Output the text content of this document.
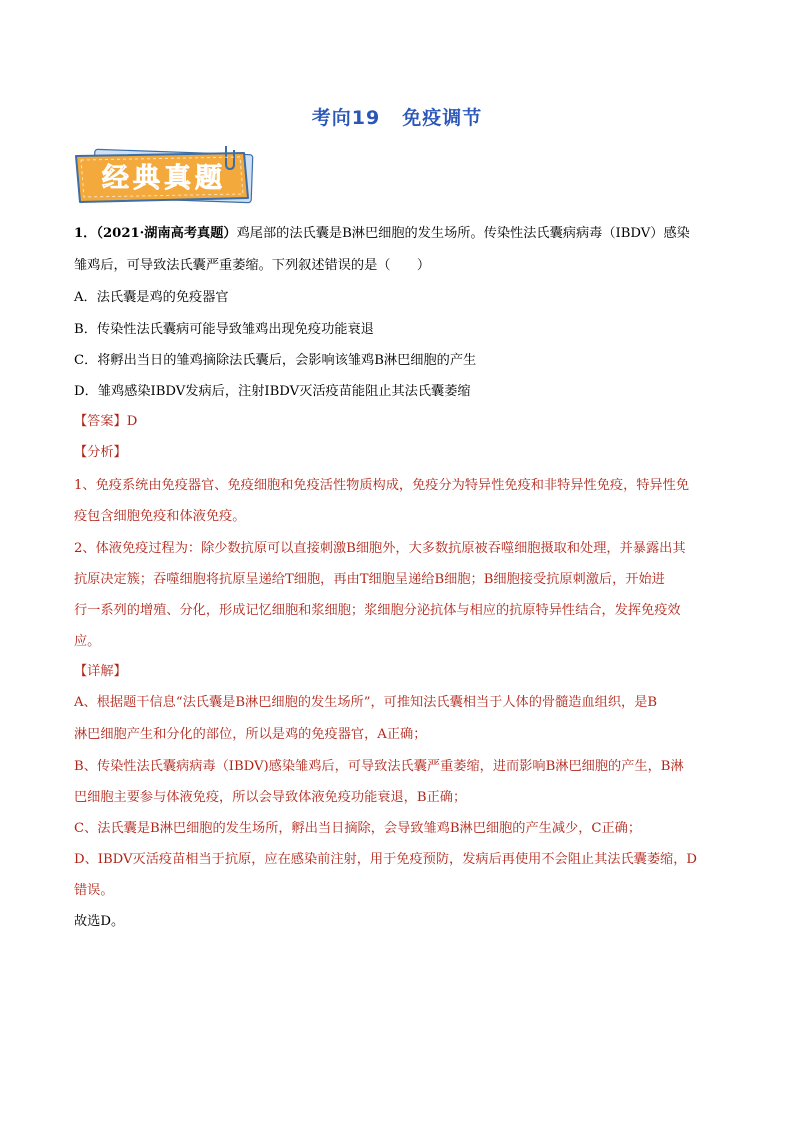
考向19 免疫调节
经典真题
1．（2021·湖南高考真题）鸡尾部的法氏囊是B淋巴细胞的发生场所。传染性法氏囊病病毒（IBDV）感染
雏鸡后，可导致法氏囊严重萎缩。下列叙述错误的是（　　）
A．法氏囊是鸡的免疫器官
B．传染性法氏囊病可能导致雏鸡出现免疫功能衰退
C．将孵出当日的雏鸡摘除法氏囊后，会影响该雏鸡B淋巴细胞的产生
D．雏鸡感染IBDV发病后，注射IBDV灭活疫苗能阻止其法氏囊萎缩
【答案】D
【分析】
1、免疫系统由免疫器官、免疫细胞和免疫活性物质构成，免疫分为特异性免疫和非特异性免疫，特异性免
疫包含细胞免疫和体液免疫。
2、体液免疫过程为：除少数抗原可以直接刺激B细胞外，大多数抗原被吞噬细胞摄取和处理，并暴露出其
抗原决定簇；吞噬细胞将抗原呈递给T细胞，再由T细胞呈递给B细胞；B细胞接受抗原刺激后，开始进
行一系列的增殖、分化，形成记忆细胞和浆细胞；浆细胞分泌抗体与相应的抗原特异性结合，发挥免疫效
应。
【详解】
A、根据题干信息“法氏囊是B淋巴细胞的发生场所”，可推知法氏囊相当于人体的骨髓造血组织，是B
淋巴细胞产生和分化的部位，所以是鸡的免疫器官，A正确；
B、传染性法氏囊病病毒（IBDV)感染雏鸡后，可导致法氏囊严重萎缩，进而影响B淋巴细胞的产生，B淋
巴细胞主要参与体液免疫，所以会导致体液免疫功能衰退，B正确；
C、法氏囊是B淋巴细胞的发生场所，孵出当日摘除，会导致雏鸡B淋巴细胞的产生减少，C正确；
D、IBDV灭活疫苗相当于抗原，应在感染前注射，用于免疫预防，发病后再使用不会阻止其法氏囊萎缩，D
错误。
故选D。
